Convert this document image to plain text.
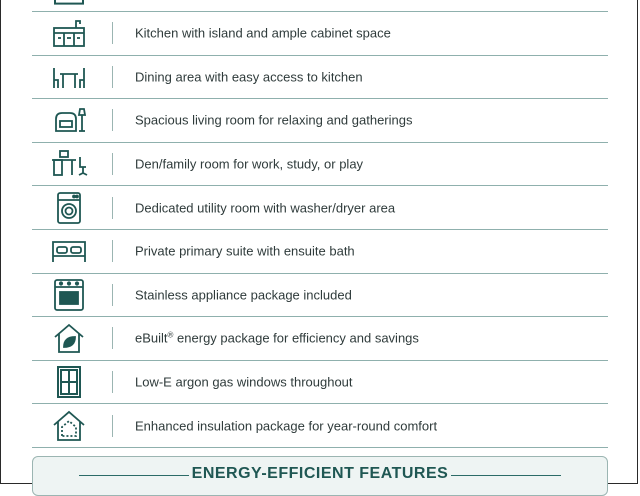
Kitchen with island and ample cabinet space
Dining area with easy access to kitchen
Spacious living room for relaxing and gatherings
Den/family room for work, study, or play
Dedicated utility room with washer/dryer area
Private primary suite with ensuite bath
Stainless appliance package included
eBuilt® energy package for efficiency and savings
Low-E argon gas windows throughout
Enhanced insulation package for year-round comfort
ENERGY-EFFICIENT FEATURES
